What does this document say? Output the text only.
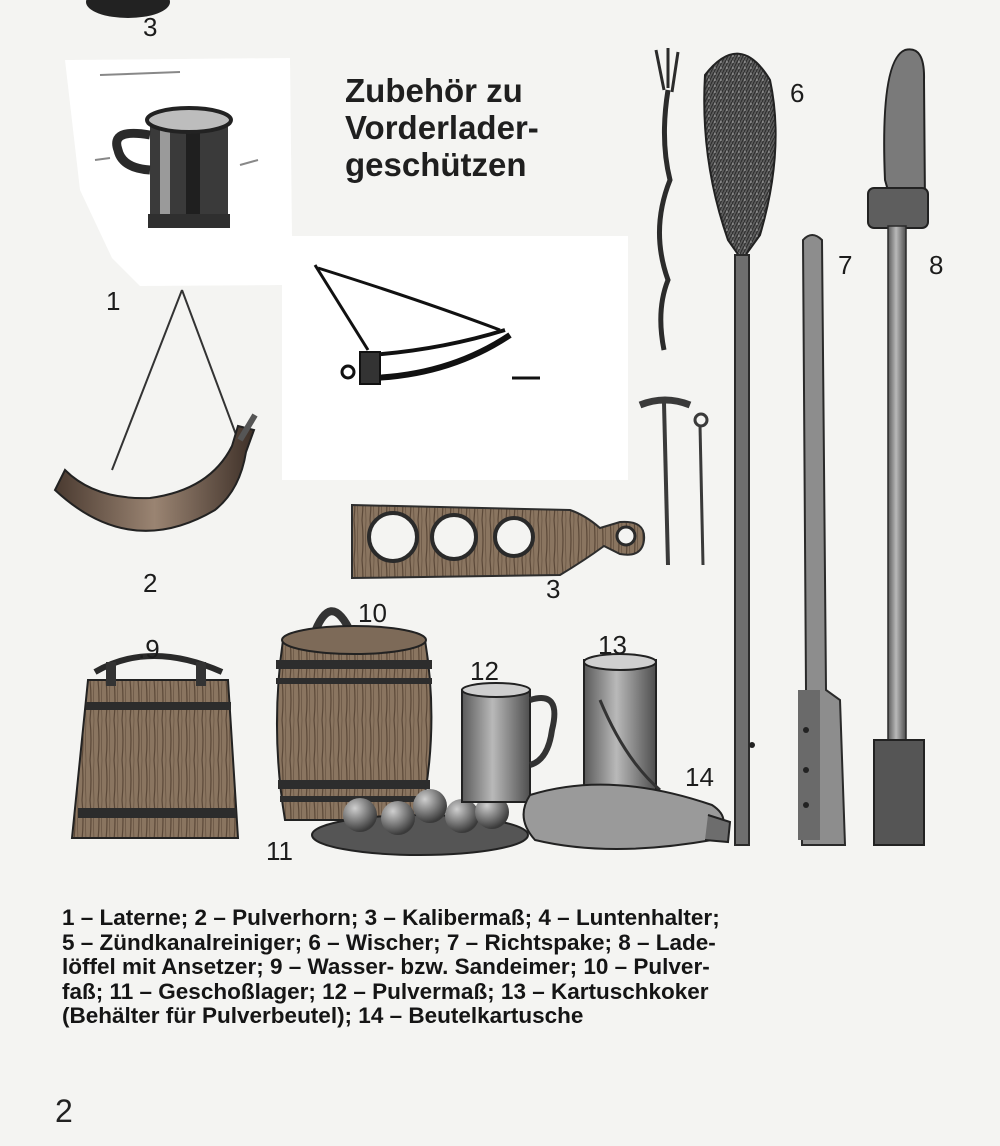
Zubehör zu
Vorderlader-
geschützen
3
1
2	3
6
7	8
.9
10
11
12
13
14
1 – Laterne; 2 – Pulverhorn; 3 – Kalibermaß; 4 – Luntenhalter;
5 – Zündkanalreiniger; 6 – Wischer; 7 – Richtspake; 8 – Lade-
löffel mit Ansetzer; 9 – Wasser- bzw. Sandeimer; 10 – Pulver-
faß; 11 – Geschoßlager; 12 – Pulvermaß; 13 – Kartuschkoker
(Behälter für Pulverbeutel); 14 – Beutelkartusche
2
